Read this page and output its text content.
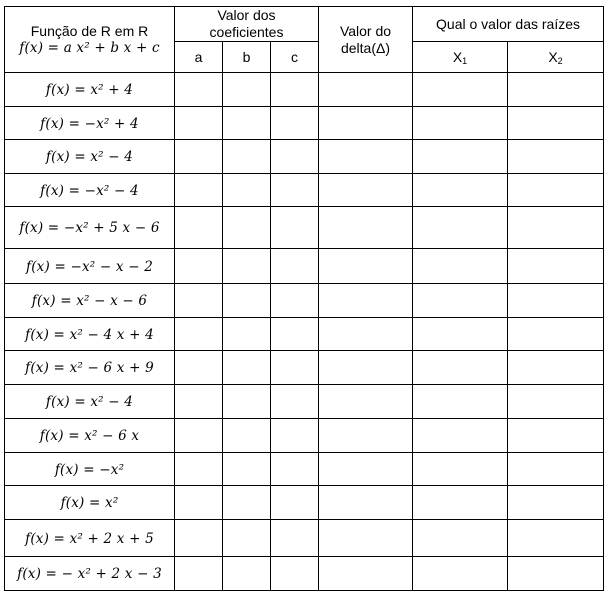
Função de R em R
f(x) = a x² + b x + c	Valor dos coeficientes			Valor do delta(Δ)	Qual o valor das raízes	

	a	b	c		$X_1$	$X_2$
f(x) = x² + 4						
f(x) = −x² + 4						
f(x) = x² − 4						
f(x) = −x² − 4						
f(x) = −x² + 5 x − 6						
f(x) = −x² − x − 2						
f(x) = x² − x − 6						
f(x) = x² − 4 x + 4						
f(x) = x² − 6 x + 9						
f(x) = x² − 4						
f(x) = x² − 6 x						
f(x) = −x²						
f(x) = x²						
f(x) = x² + 2 x + 5						
f(x) = − x² + 2 x − 3						
